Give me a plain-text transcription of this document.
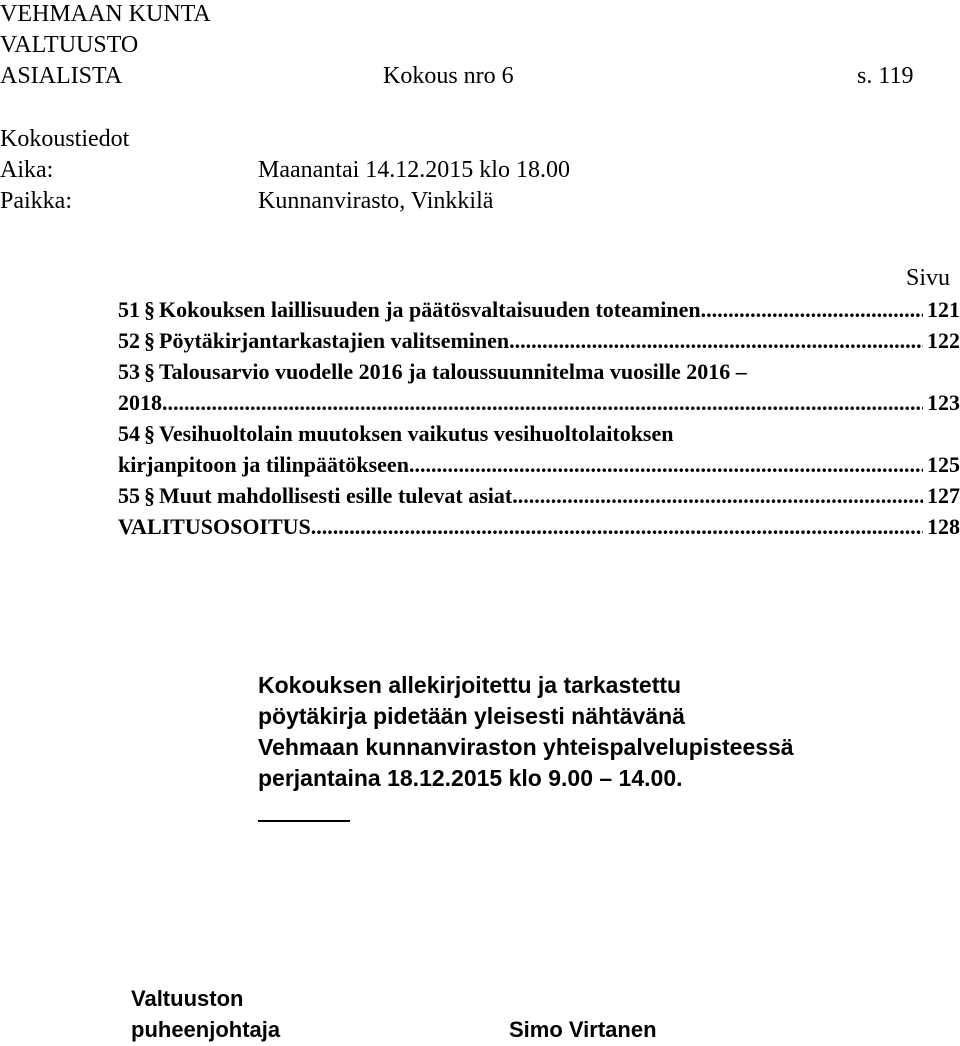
VEHMAAN KUNTA
VALTUUSTO
ASIALISTA	Kokous nro 6	s. 119
Kokoustiedot
Aika:	Maanantai 14.12.2015 klo 18.00
Paikka:	Kunnanvirasto, Vinkkilä
Sivu
51 § Kokouksen laillisuuden ja päätösvaltaisuuden toteaminen .....	121
52 § Pöytäkirjantarkastajien valitseminen .....	122
53 § Talousarvio vuodelle 2016 ja taloussuunnitelma vuosille 2016 –
2018 .....	123
54 § Vesihuoltolain muutoksen vaikutus vesihuoltolaitoksen
kirjanpitoon ja tilinpäätökseen .....	125
55 § Muut mahdollisesti esille tulevat asiat .....	127
VALITUSOSOITUS .....	128
Kokouksen allekirjoitettu ja tarkastettu
pöytäkirja pidetään yleisesti nähtävänä
Vehmaan kunnanviraston yhteispalvelupisteessä
perjantaina 18.12.2015 klo 9.00 – 14.00.
Valtuuston
puheenjohtaja	Simo Virtanen
